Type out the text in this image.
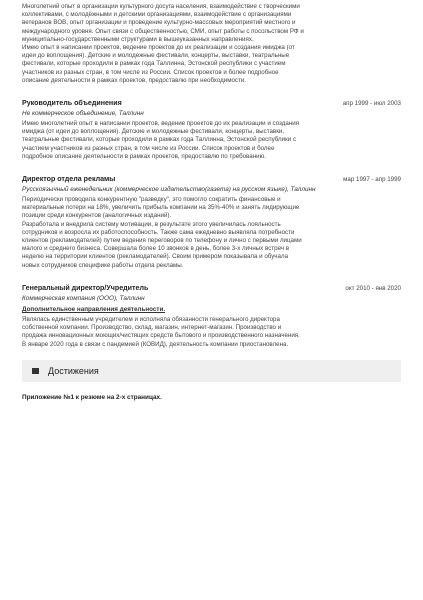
Многолетний опыт в организации культурного досуга населения, взаимодействие с творческими

коллективами, с молодёжными и детскими организациями, взаимодействие с организациями

ветеранов ВОВ, опыт организации и проведение культурно-массовых мероприятий местного и

международного уровня. Опыт связи с общественностью, СМИ, опыт работы с посольством РФ и

муниципально-государственными структурами в вышеуказанных направлениях.

Имею опыт в написании проектов, ведение проектов до их реализации и создания имиджа (от

идеи до воплощения). Детские и молодежные фестивали, концерты, выставки, театральные

фестивали, которые проходили в рамках года Таллинна, Эстонской республики с участием

участников из разных стран, в том числе из России. Список проектов и более подробное

описание деятельности в рамках проектов, предоставлю при необходимости.

Руководитель объединения	апр 1999 - июл 2003
Не коммерческое объединение, Таллинн

Имею многолетний опыт в написании проектов, ведение проектов до их реализации и создания

имиджа (от идеи до воплощения). Детские и молодежные фестивали, концерты, выставки,

театральные фестивали, которые проходили в рамках года Таллинна, Эстонской республики с

участием участников из разных стран, в том числе из России. Список проектов и более

подробное описание деятельности в рамках проектов, предоставлю по требованию.

Директор отдела рекламы	мар 1997 - апр 1999
Русскоязычный еженедельник (коммерческое издательство(газета) на русском языке), Таллинн

Периодически проводила конкурентную "разведку", это помогло сократить финансовые и

материальные потери на 18%, увеличить прибыль компании на 35%-40% и занять лидирующие

позиции среди конкурентов (аналогичных изданий).

Разработала и внедрила систему мотивации, в результате этого увеличилась лояльность

сотрудников и возросла их работоспособность. Также сама ежедневно выявляла потребности

клиентов (рекламодателей) путем ведения переговоров по телефону и лично с первыми лицами

малого и среднего бизнеса. Совершала более 10 звонков в день, более 3-х личных встреч в

неделю на территории клиентов (рекламодателей). Своим примером показывала и обучала

новых сотрудников специфике работы отдела рекламы.

Генеральный директор/Учредитель	окт 2010 - янв 2020
Коммерческая компания (ООО), Таллинн
Дополнительное направления деятельности.

Являлась единственным учредителем и исполняла обязанности генерального директора

собственной компании. Производство, склад, магазин, интернет-магазин. Производство и

продажа инновационных моющих/чистящих средств бытового и производственного назначения.

В январе 2020 года в связи с пандемией (КОВИД), деятельность компании приостановлена.

Достижения
Приложение №1 к резюме на 2-х страницах.
